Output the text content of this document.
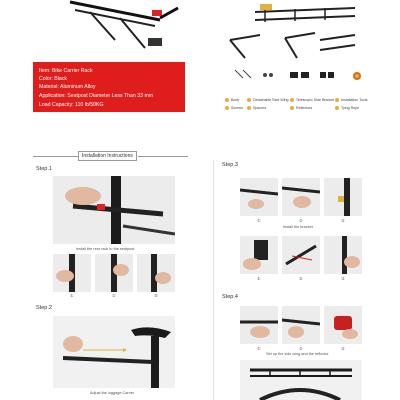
Item: Bike Carrier Rack
Color: Black
Material: Aluminum Alloy
Application: Seatpost Diameter Less Than 33 mm
Load Capacity: 110 lb/50KG
Body	Detachable Side Wing	Telescopic Side Bracket	Installation Tools
Screws	Spacers	Reflectors	Tying Rope
Installation Instructions
Step.1
Install the rear rack to the seatpost
①	②	③
Step.2
Adjust the luggage Carrier
Step.3
①	②	③
Install the bracket
①	②	③
Step.4
①	②	③
Set up the side wing and the reflector
